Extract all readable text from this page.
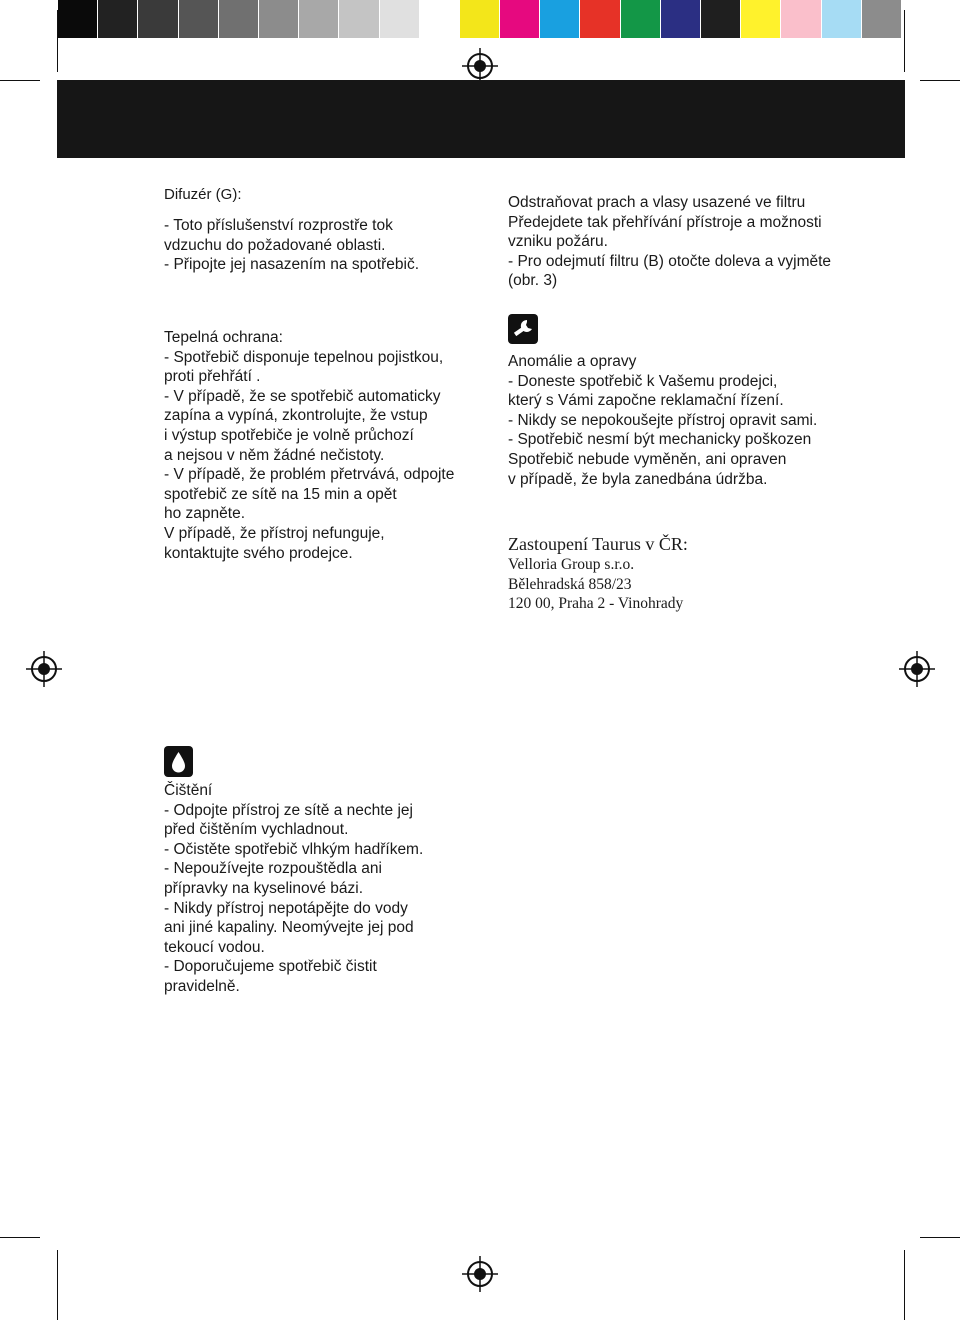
Difuzér (G):
- Toto příslušenství rozprostře tok
vdzuchu do požadované oblasti.
- Připojte jej nasazením na spotřebič.
Odstraňovat prach a vlasy usazené ve filtru
Předejdete tak přehřívání přístroje a možnosti
vzniku požáru.
- Pro odejmutí filtru (B) otočte doleva a vyjměte
(obr. 3)
Tepelná ochrana:
- Spotřebič disponuje tepelnou pojistkou,
proti přehřátí .
- V případě, že se spotřebič automaticky
zapína a vypíná, zkontrolujte, že vstup
i výstup spotřebiče je volně průchozí
a nejsou v něm žádné nečistoty.
- V případě, že problém přetrvává, odpojte
spotřebič ze sítě na 15 min a opět
ho zapněte.
V případě, že přístroj nefunguje,
kontaktujte svého prodejce.
Anomálie a opravy
- Doneste spotřebič k Vašemu prodejci,
který s Vámi započne reklamační řízení.
- Nikdy se nepokoušejte přístroj opravit sami.
- Spotřebič nesmí být mechanicky poškozen
Spotřebič nebude vyměněn, ani opraven
v případě, že byla zanedbána údržba.
Zastoupení Taurus v ČR:
Velloria Group s.r.o.
Bělehradská 858/23
120 00, Praha 2 - Vinohrady
Čištění
- Odpojte přístroj ze sítě a nechte jej
před čištěním vychladnout.
- Očistěte spotřebič vlhkým hadříkem.
- Nepoužívejte rozpouštědla ani
přípravky na kyselinové bázi.
- Nikdy přístroj nepotápějte do vody
ani jiné kapaliny. Neomývejte jej pod
tekoucí vodou.
- Doporučujeme spotřebič čistit
pravidelně.
